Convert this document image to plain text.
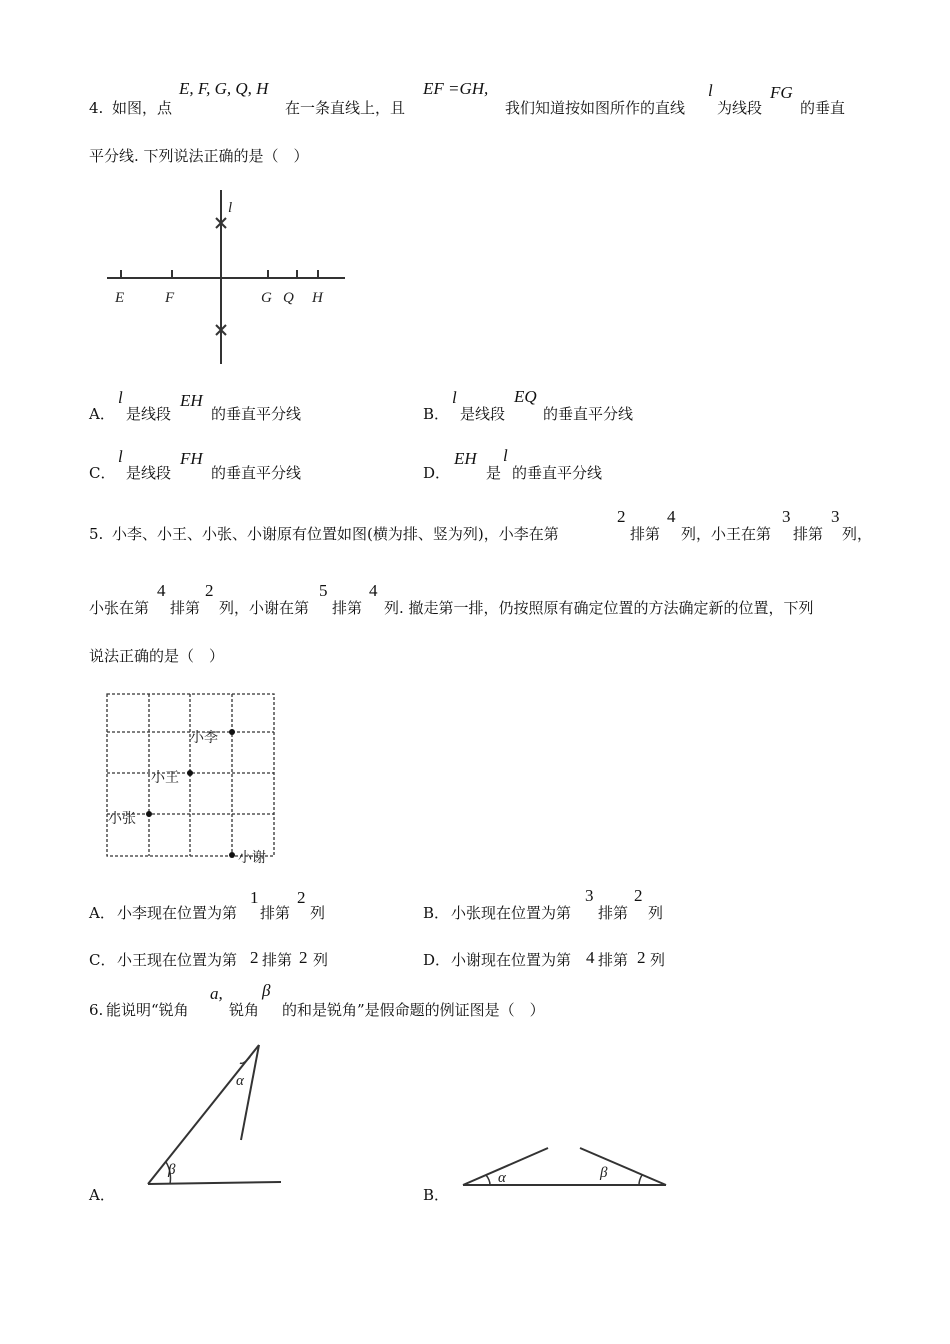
4. 如图，点
E, F, G, Q, H
在一条直线上，且
EF =GH,
我们知道按如图所作的直线
l
为线段
FG
的垂直
平分线. 下列说法正确的是（　）
l
E	F	G Q H
小李
小王
小张
小谢
α
β	α	β
A．
l
是线段
EH
的垂直平分线	B．
l
是线段
EQ
的垂直平分线
C．
l
是线段
FH
的垂直平分线	D．
EH
是
l
的垂直平分线
5. 小李、小王、小张、小谢原有位置如图(横为排、竖为列)，小李在第
2
排第
4
列，小王在第
3
排第
3
列，
小张在第
4
排第
2
列，小谢在第
5
排第
4
列. 撤走第一排，仍按照原有确定位置的方法确定新的位置，下列
说法正确的是（　）
A． 小李现在位置为第
1
排第
2
列	B． 小张现在位置为第
3
排第
2
列
C． 小王现在位置为第 2 排第 2 列	D． 小谢现在位置为第 4 排第 2 列
6. 能说明“锐角
a,
锐角
β
的和是锐角”是假命题的例证图是（　）
A．	B．
